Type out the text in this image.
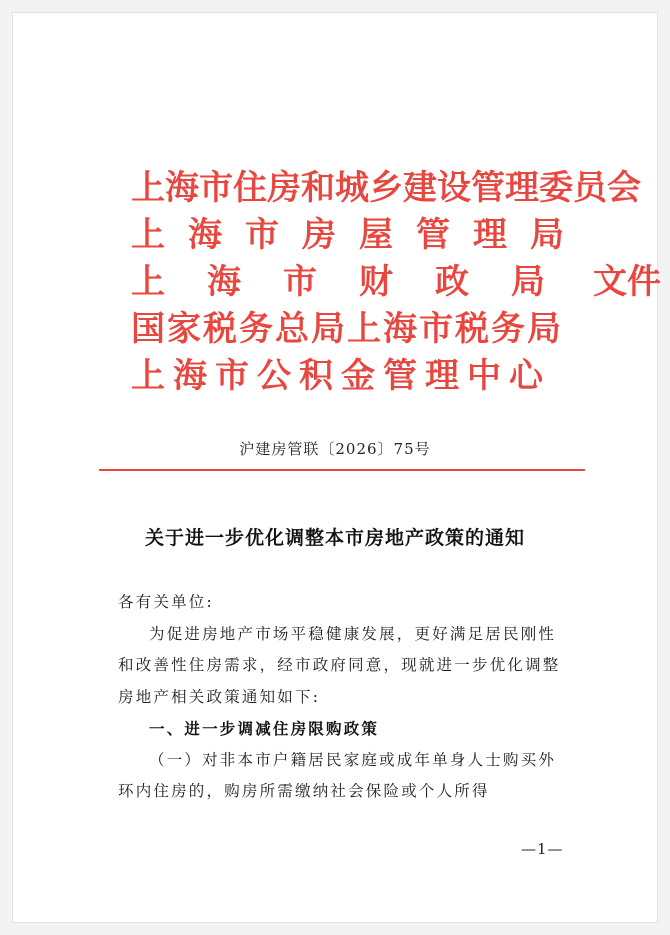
上海市住房和城乡建设管理委员会
上海市房屋管理局
上海市财政局 文件
国家税务总局上海市税务局
上海市公积金管理中心
沪建房管联〔2026〕75号
关于进一步优化调整本市房地产政策的通知

各有关单位:

为促进房地产市场平稳健康发展，更好满足居民刚性和改善性住房需求，经市政府同意，现就进一步优化调整房地产相关政策通知如下:

一、进一步调减住房限购政策

（一）对非本市户籍居民家庭或成年单身人士购买外环内住房的，购房所需缴纳社会保险或个人所得

—1—
